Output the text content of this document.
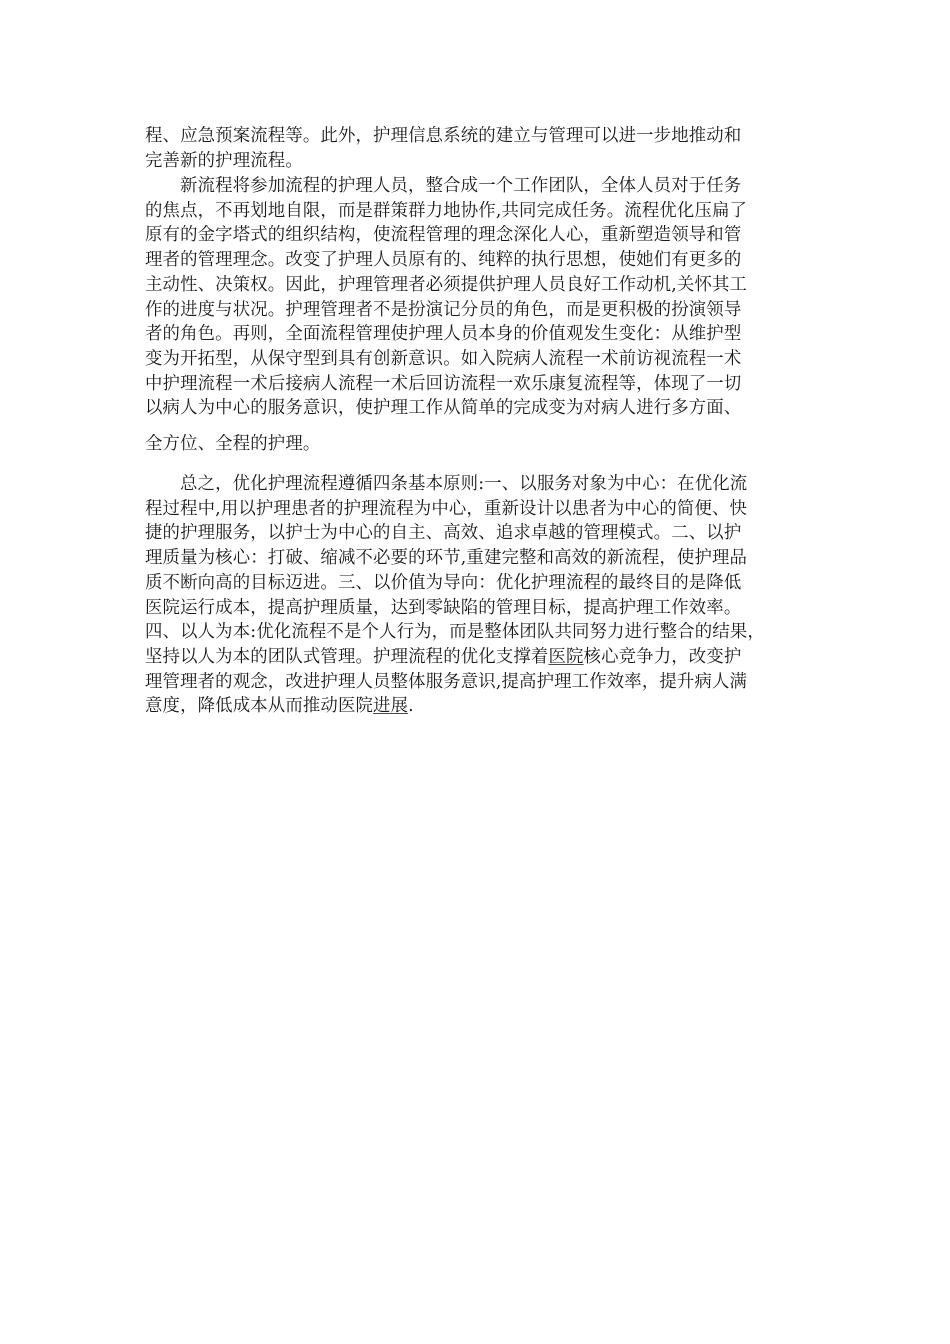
程、应急预案流程等。此外，护理信息系统的建立与管理可以进一步地推动和
完善新的护理流程。
新流程将参加流程的护理人员，整合成一个工作团队，全体人员对于任务
的焦点，不再划地自限，而是群策群力地协作,共同完成任务。流程优化压扁了
原有的金字塔式的组织结构，使流程管理的理念深化人心，重新塑造领导和管
理者的管理理念。改变了护理人员原有的、纯粹的执行思想，使她们有更多的
主动性、决策权。因此，护理管理者必须提供护理人员良好工作动机,关怀其工
作的进度与状况。护理管理者不是扮演记分员的角色，而是更积极的扮演领导
者的角色。再则，全面流程管理使护理人员本身的价值观发生变化：从维护型
变为开拓型，从保守型到具有创新意识。如入院病人流程一术前访视流程一术
中护理流程一术后接病人流程一术后回访流程一欢乐康复流程等，体现了一切
以病人为中心的服务意识，使护理工作从简单的完成变为对病人进行多方面、
全方位、全程的护理。
总之，优化护理流程遵循四条基本原则:一、以服务对象为中心：在优化流
程过程中,用以护理患者的护理流程为中心，重新设计以患者为中心的简便、快
捷的护理服务，以护士为中心的自主、高效、追求卓越的管理模式。二、以护
理质量为核心：打破、缩减不必要的环节,重建完整和高效的新流程，使护理品
质不断向高的目标迈进。三、以价值为导向：优化护理流程的最终目的是降低
医院运行成本，提高护理质量，达到零缺陷的管理目标，提高护理工作效率。
四、以人为本:优化流程不是个人行为，而是整体团队共同努力进行整合的结果，
坚持以人为本的团队式管理。护理流程的优化支撑着医院核心竞争力，改变护
理管理者的观念，改进护理人员整体服务意识,提高护理工作效率，提升病人满
意度，降低成本从而推动医院进展.
